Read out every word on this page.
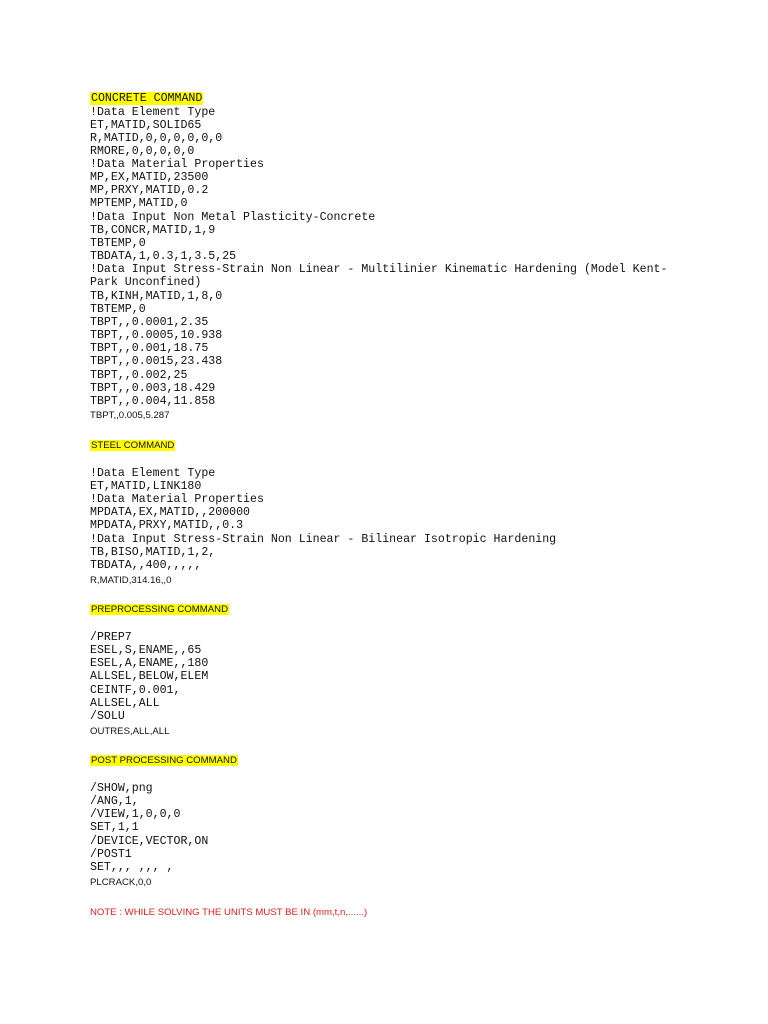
CONCRETE COMMAND
!Data Element Type
ET,MATID,SOLID65
R,MATID,0,0,0,0,0,0
RMORE,0,0,0,0,0
!Data Material Properties
MP,EX,MATID,23500
MP,PRXY,MATID,0.2
MPTEMP,MATID,0
!Data Input Non Metal Plasticity-Concrete
TB,CONCR,MATID,1,9
TBTEMP,0
TBDATA,1,0.3,1,3.5,25
!Data Input Stress-Strain Non Linear - Multilinier Kinematic Hardening (Model Kent-
Park Unconfined)
TB,KINH,MATID,1,8,0
TBTEMP,0
TBPT,,0.0001,2.35
TBPT,,0.0005,10.938
TBPT,,0.001,18.75
TBPT,,0.0015,23.438
TBPT,,0.002,25
TBPT,,0.003,18.429
TBPT,,0.004,11.858
TBPT,,0.005,5.287
STEEL COMMAND
!Data Element Type
ET,MATID,LINK180
!Data Material Properties
MPDATA,EX,MATID,,200000
MPDATA,PRXY,MATID,,0.3
!Data Input Stress-Strain Non Linear - Bilinear Isotropic Hardening
TB,BISO,MATID,1,2,
TBDATA,,400,,,,,
R,MATID,314.16,,0
PREPROCESSING COMMAND
/PREP7
ESEL,S,ENAME,,65
ESEL,A,ENAME,,180
ALLSEL,BELOW,ELEM
CEINTF,0.001,
ALLSEL,ALL
/SOLU
OUTRES,ALL,ALL
POST PROCESSING COMMAND
/SHOW,png
/ANG,1,
/VIEW,1,0,0,0
SET,1,1
/DEVICE,VECTOR,ON
/POST1
SET,,, ,,, ,
PLCRACK,0,0
NOTE : WHILE SOLVING THE UNITS MUST BE IN (mm,t,n,......)
